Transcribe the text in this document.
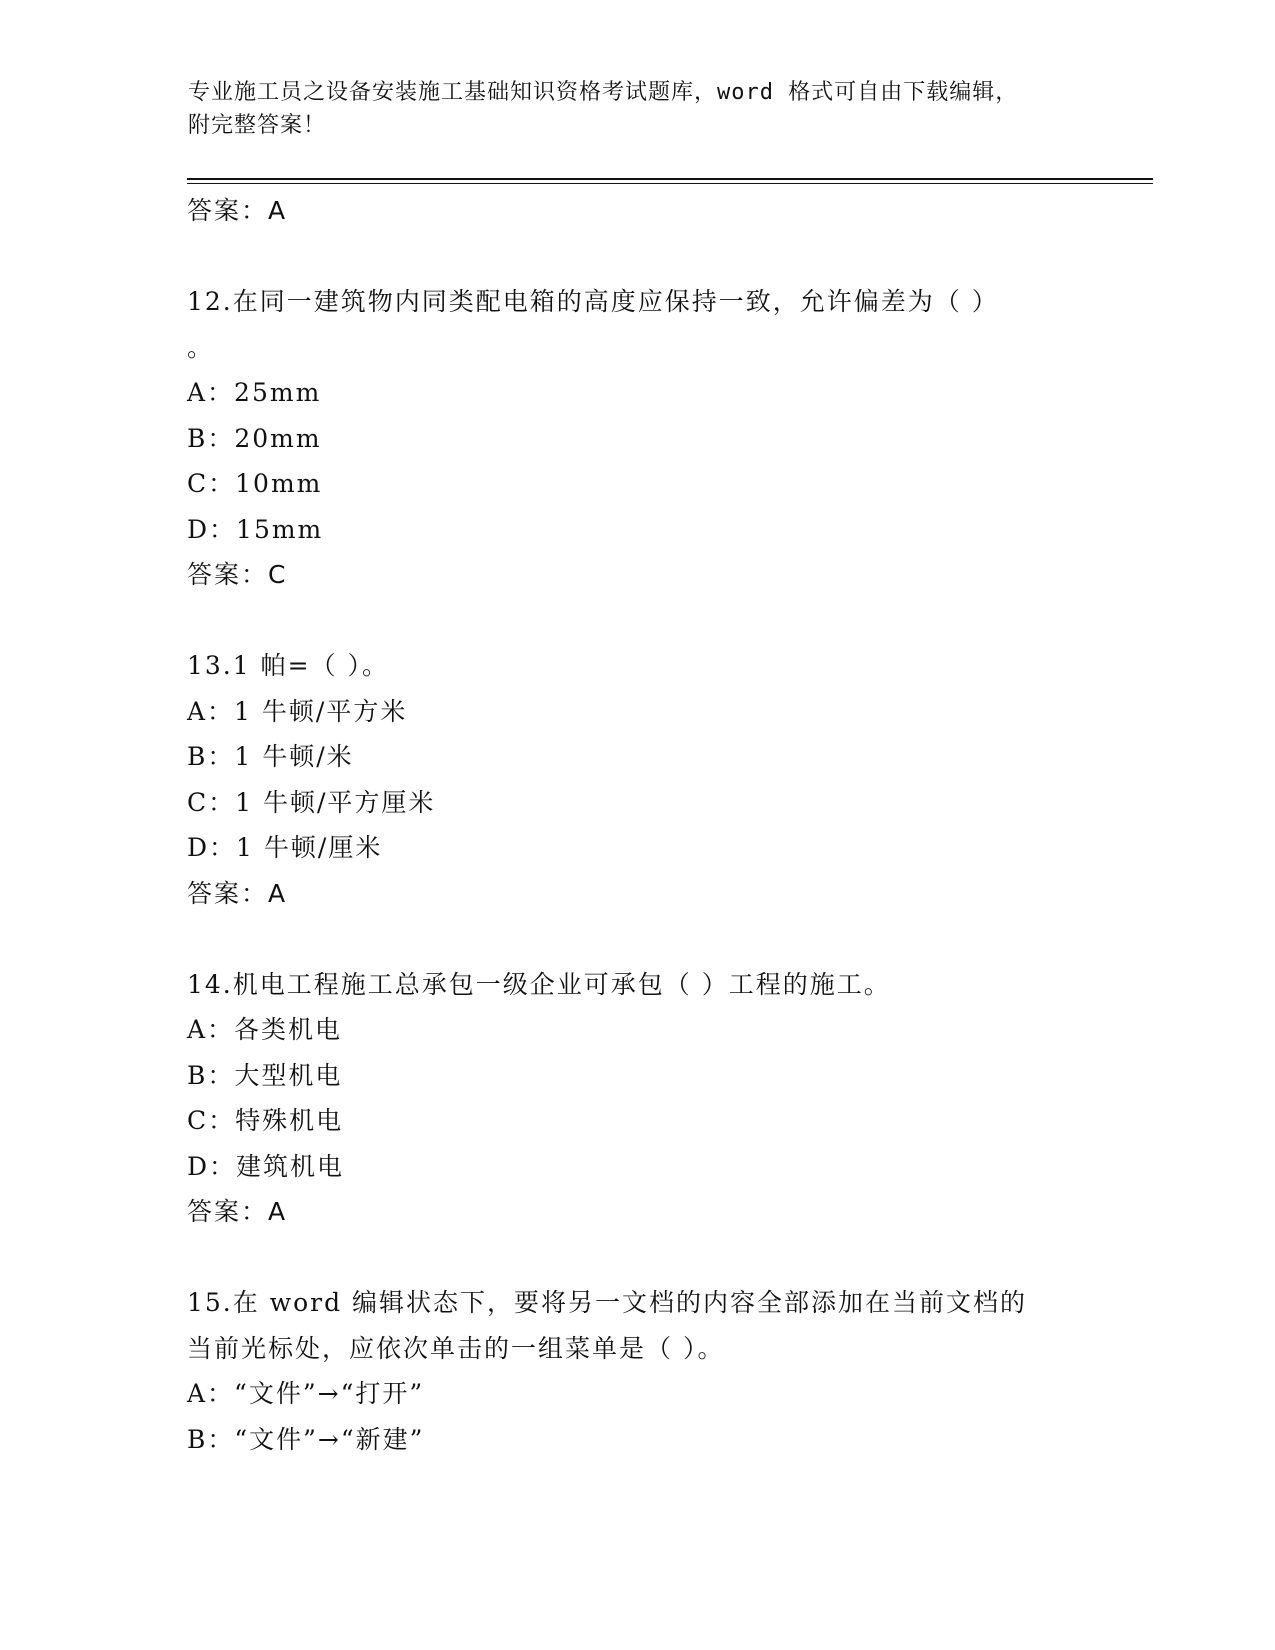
专业施工员之设备安装施工基础知识资格考试题库，word 格式可自由下载编辑，
附完整答案！
答案：A
12.在同一建筑物内同类配电箱的高度应保持一致，允许偏差为（ ）
。
A：25mm
B：20mm
C：10mm
D：15mm
答案：C
13.1 帕=（ ）。
A：1 牛顿/平方米
B：1 牛顿/米
C：1 牛顿/平方厘米
D：1 牛顿/厘米
答案：A
14.机电工程施工总承包一级企业可承包（ ）工程的施工。
A：各类机电
B：大型机电
C：特殊机电
D：建筑机电
答案：A
15.在 word 编辑状态下，要将另一文档的内容全部添加在当前文档的
当前光标处，应依次单击的一组菜单是（ ）。
A：“文件”→“打开”
B：“文件”→“新建”
